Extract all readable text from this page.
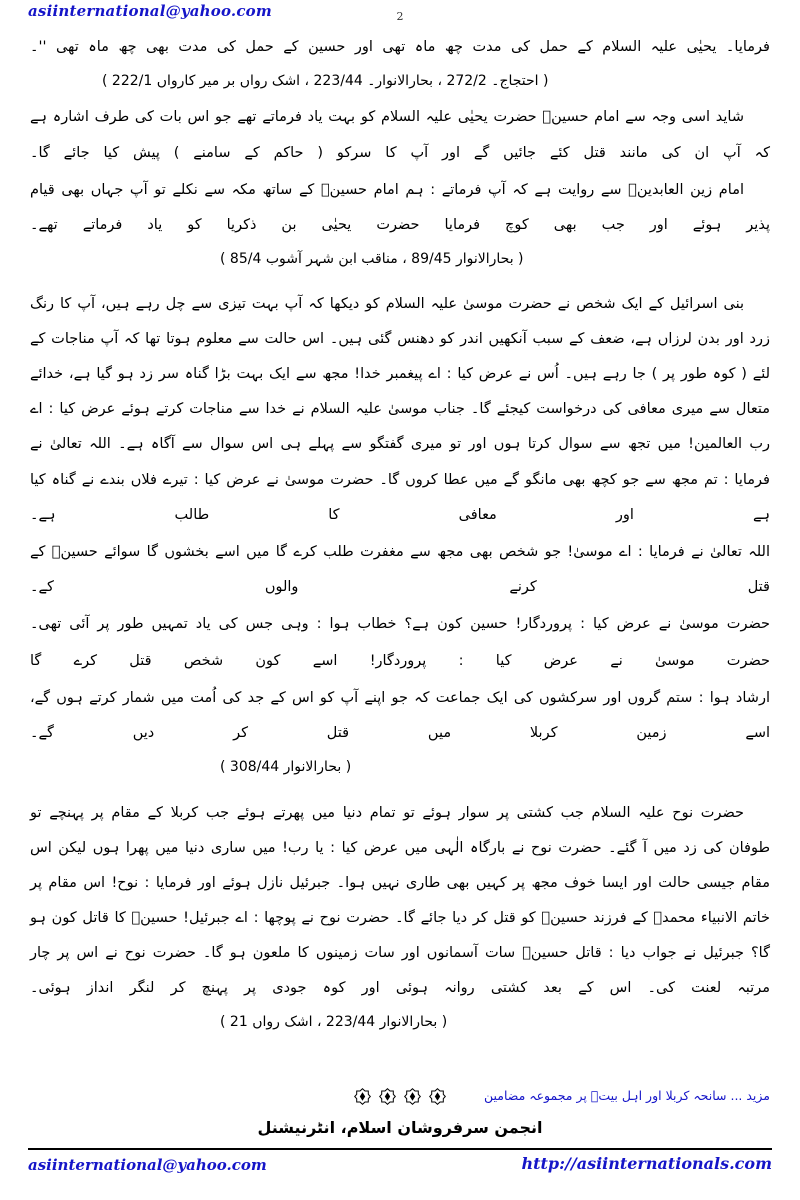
asiinternational@yahoo.com	2

فرمایا۔ یحیٰی علیہ السلام کے حمل کی مدت چھ ماہ تھی اور حسین کے حمل کی مدت بھی چھ ماہ تھی ''۔

( احتجاج۔ 272/2 ، بحارالانوار۔ 223/44 ، اشک رواں بر میر کارواں 222/1 )

شاید اسی وجہ سے امام حسینؑ حضرت یحیٰی علیہ السلام کو بہت یاد فرماتے تھے جو اس بات کی طرف اشارہ ہے کہ آپ ان کی مانند قتل کئے جائیں گے اور آپ کا سرکو ( حاکم کے سامنے ) پیش کیا جائے گا۔

امام زین العابدینؑ سے روایت ہے کہ آپ فرماتے : ہم امام حسینؑ کے ساتھ مکہ سے نکلے تو آپ جہاں بھی قیام پذیر ہوئے اور جب بھی کوچ فرمایا حضرت یحیٰی بن ذکریا کو یاد فرماتے تھے۔

( بحارالانوار 89/45 ، مناقب ابن شہر آشوب 85/4 )

بنی اسرائیل کے ایک شخص نے حضرت موسیٰ علیہ السلام کو دیکھا کہ آپ بہت تیزی سے چل رہے ہیں، آپ کا رنگ زرد اور بدن لرزاں ہے، ضعف کے سبب آنکھیں اندر کو دھنس گئی ہیں۔ اس حالت سے معلوم ہوتا تھا کہ آپ مناجات کے لئے ( کوہ طور پر ) جا رہے ہیں۔ اُس نے عرض کیا : اے پیغمبر خدا! مجھ سے ایک بہت بڑا گناہ سر زد ہو گیا ہے، خدائے متعال سے میری معافی کی درخواست کیجئے گا۔ جناب موسیٰ علیہ السلام نے خدا سے مناجات کرتے ہوئے عرض کیا : اے رب العالمین! میں تجھ سے سوال کرتا ہوں اور تو میری گفتگو سے پہلے ہی اس سوال سے آگاہ ہے۔ اللہ تعالیٰ نے فرمایا : تم مجھ سے جو کچھ بھی مانگو گے میں عطا کروں گا۔ حضرت موسیٰ نے عرض کیا : تیرے فلاں بندے نے گناہ کیا ہے اور معافی کا طالب ہے۔

اللہ تعالیٰ نے فرمایا : اے موسیٰ! جو شخص بھی مجھ سے مغفرت طلب کرے گا میں اسے بخشوں گا سوائے حسینؑ کے قتل کرنے والوں کے۔

حضرت موسیٰ نے عرض کیا : پروردگار! حسین کون ہے؟ خطاب ہوا : وہی جس کی یاد تمہیں طور پر آئی تھی۔

حضرت موسیٰ نے عرض کیا : پروردگار! اسے کون شخص قتل کرے گا

ارشاد ہوا : ستم گروں اور سرکشوں کی ایک جماعت کہ جو اپنے آپ کو اس کے جد کی اُمت میں شمار کرتے ہوں گے، اسے زمین کربلا میں قتل کر دیں گے۔

( بحارالانوار 308/44 )

حضرت نوح علیہ السلام جب کشتی پر سوار ہوئے تو تمام دنیا میں پھرتے ہوئے جب کربلا کے مقام پر پہنچے تو طوفان کی زد میں آ گئے۔ حضرت نوح نے بارگاہ الٰہی میں عرض کیا : یا رب! میں ساری دنیا میں پھرا ہوں لیکن اس مقام جیسی حالت اور ایسا خوف مجھ پر کہیں بھی طاری نہیں ہوا۔ جبرئیل نازل ہوئے اور فرمایا : نوح! اس مقام پر خاتم الانبیاء محمدؐ کے فرزند حسینؑ کو قتل کر دیا جائے گا۔ حضرت نوح نے پوچھا : اے جبرئیل! حسینؑ کا قاتل کون ہو گا؟ جبرئیل نے جواب دیا : قاتل حسینؑ سات آسمانوں اور سات زمینوں کا ملعون ہو گا۔ حضرت نوح نے اس پر چار مرتبہ لعنت کی۔ اس کے بعد کشتی روانہ ہوئی اور کوہ جودی پر پہنچ کر لنگر انداز ہوئی۔

( بحارالانوار 223/44 ، اشک رواں 21 )
مزید ... سانحہ کربلا اور اہل بیتؑ پر مجموعہ مضامین
انجمن سرفروشان اسلام، انٹرنیشنل
asiinternational@yahoo.com	http://asiinternationals.com
